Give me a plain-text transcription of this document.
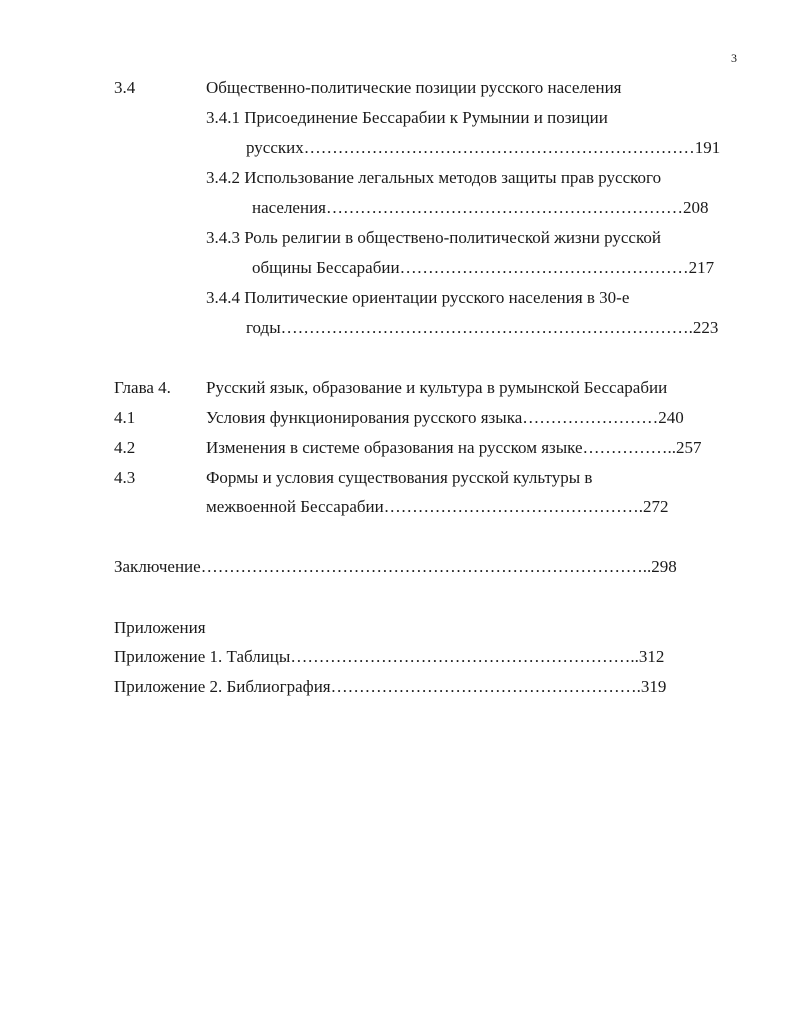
3
3.4	Общественно-политические позиции русского населения
3.4.1 Присоединение Бессарабии к Румынии и позиции
русских……………………………………………………………191
3.4.2 Использование легальных методов защиты прав русского
населения………………………………………………………208
3.4.3 Роль религии в общественo-политической жизни русской
общины Бессарабии……………………………………………217
3.4.4 Политические ориентации русского населения в 30-е
годы……………………………………………………………….223
Глава 4. Русский язык, образование и культура в румынской Бессарабии
4.1	Условия функционирования русского языка……………………240
4.2	Изменения в системе образования на русском языке……………..257
4.3	Формы и условия существования русской культуры в
межвоенной Бессарабии……………………………………….272
Заключение……………………………………………………………………..298
Приложения
Приложение 1. Таблицы……………………………………………………..312
Приложение 2. Библиография……………………………………………….319
